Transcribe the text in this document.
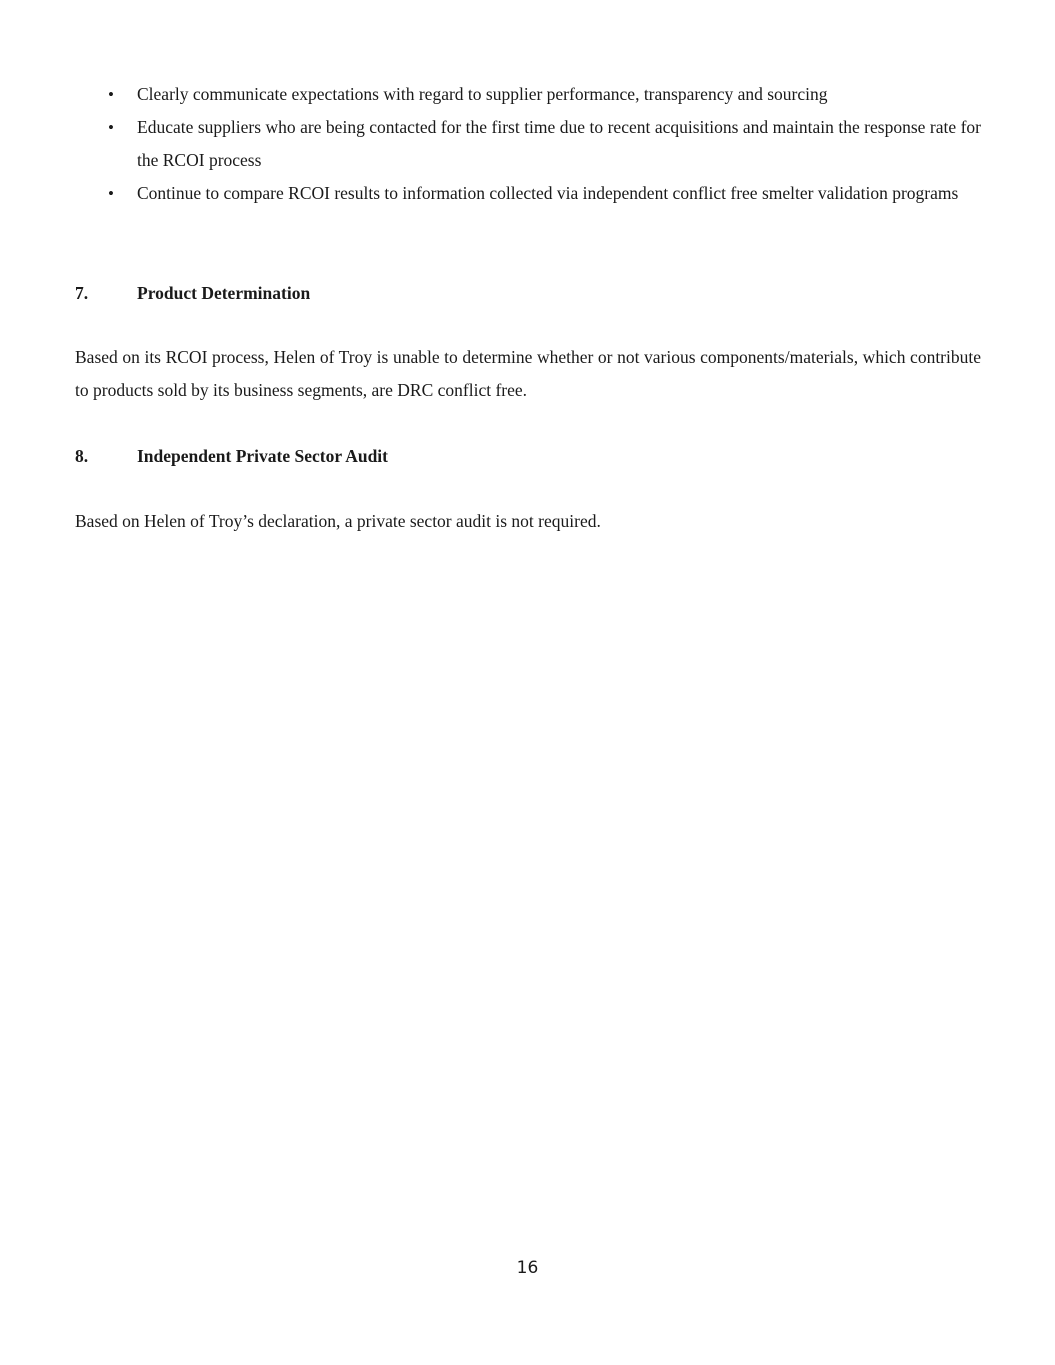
• Clearly communicate expectations with regard to supplier performance, transparency and sourcing
• Educate suppliers who are being contacted for the first time due to recent acquisitions and maintain the response rate for the RCOI process
• Continue to compare RCOI results to information collected via independent conflict free smelter validation programs
7.	Product Determination

Based on its RCOI process, Helen of Troy is unable to determine whether or not various components/materials, which contribute to products sold by its business segments, are DRC conflict free.

8.	Independent Private Sector Audit

Based on Helen of Troy’s declaration, a private sector audit is not required.

16
